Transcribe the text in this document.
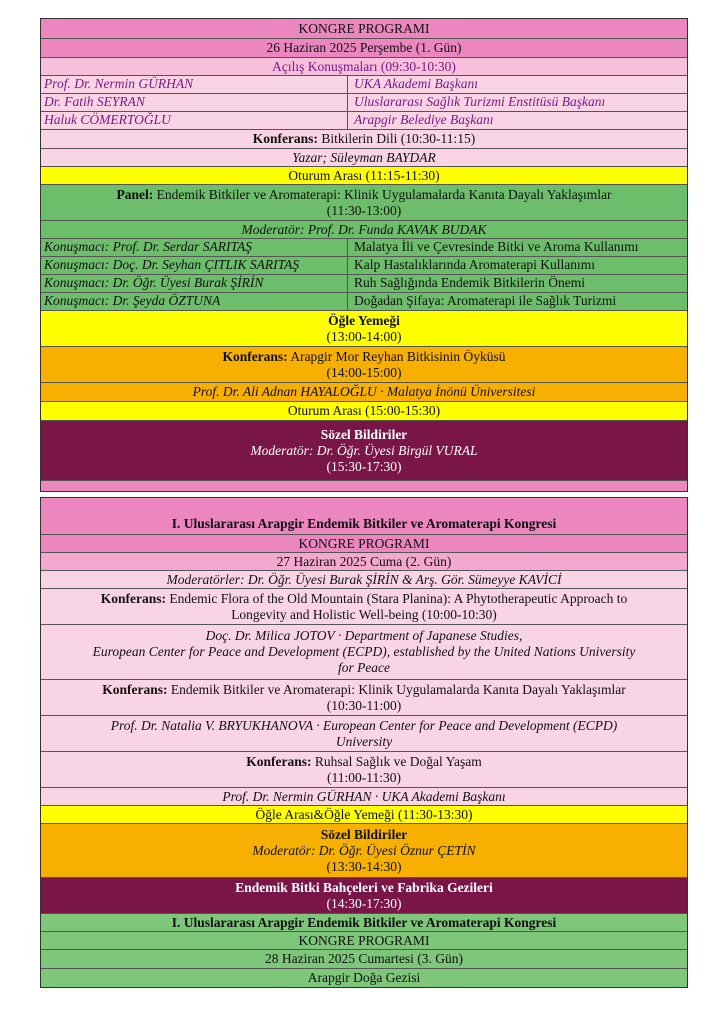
KONGRE PROGRAMI
26 Haziran 2025 Perşembe (1. Gün)
Açılış Konuşmaları (09:30-10:30)
Prof. Dr. Nermin GÜRHAN	UKA Akademi Başkanı
Dr. Fatih SEYRAN	Uluslararası Sağlık Turizmi Enstitüsü Başkanı
Haluk CÖMERTOĞLU	Arapgir Belediye Başkanı
Konferans: Bitkilerin Dili (10:30-11:15)
Yazar; Süleyman BAYDAR
Oturum Arası (11:15-11:30)
Panel: Endemik Bitkiler ve Aromaterapi: Klinik Uygulamalarda Kanıta Dayalı Yaklaşımlar
(11:30-13:00)
Moderatör: Prof. Dr. Funda KAVAK BUDAK
Konuşmacı: Prof. Dr. Serdar SARITAŞ	Malatya İli ve Çevresinde Bitki ve Aroma Kullanımı
Konuşmacı: Doç. Dr. Seyhan ÇITLIK SARITAŞ	Kalp Hastalıklarında Aromaterapi Kullanımı
Konuşmacı: Dr. Öğr. Üyesi Burak ŞİRİN	Ruh Sağlığında Endemik Bitkilerin Önemi
Konuşmacı: Dr. Şeyda ÖZTUNA	Doğadan Şifaya: Aromaterapi ile Sağlık Turizmi
Öğle Yemeği
(13:00-14:00)
Konferans: Arapgir Mor Reyhan Bitkisinin Öyküsü
(14:00-15:00)
Prof. Dr. Ali Adnan HAYALOĞLU · Malatya İnönü Üniversitesi
Oturum Arası (15:00-15:30)
Sözel Bildiriler
Moderatör: Dr. Öğr. Üyesi Birgül VURAL
(15:30-17:30)
I. Uluslararası Arapgir Endemik Bitkiler ve Aromaterapi Kongresi
KONGRE PROGRAMI
27 Haziran 2025 Cuma (2. Gün)
Moderatörler: Dr. Öğr. Üyesi Burak ŞİRİN & Arş. Gör. Sümeyye KAVİCİ
Konferans: Endemic Flora of the Old Mountain (Stara Planina): A Phytotherapeutic Approach to
Longevity and Holistic Well-being (10:00-10:30)
Doç. Dr. Milica JOTOV · Department of Japanese Studies,
European Center for Peace and Development (ECPD), established by the United Nations University
for Peace
Konferans: Endemik Bitkiler ve Aromaterapi: Klinik Uygulamalarda Kanıta Dayalı Yaklaşımlar
(10:30-11:00)
Prof. Dr. Natalia V. BRYUKHANOVA · European Center for Peace and Development (ECPD)
University
Konferans: Ruhsal Sağlık ve Doğal Yaşam
(11:00-11:30)
Prof. Dr. Nermin GÜRHAN · UKA Akademi Başkanı
Öğle Arası&Öğle Yemeği (11:30-13:30)
Sözel Bildiriler
Moderatör: Dr. Öğr. Üyesi Öznur ÇETİN
(13:30-14:30)
Endemik Bitki Bahçeleri ve Fabrika Gezileri
(14:30-17:30)
I. Uluslararası Arapgir Endemik Bitkiler ve Aromaterapi Kongresi
KONGRE PROGRAMI
28 Haziran 2025 Cumartesi (3. Gün)
Arapgir Doğa Gezisi
